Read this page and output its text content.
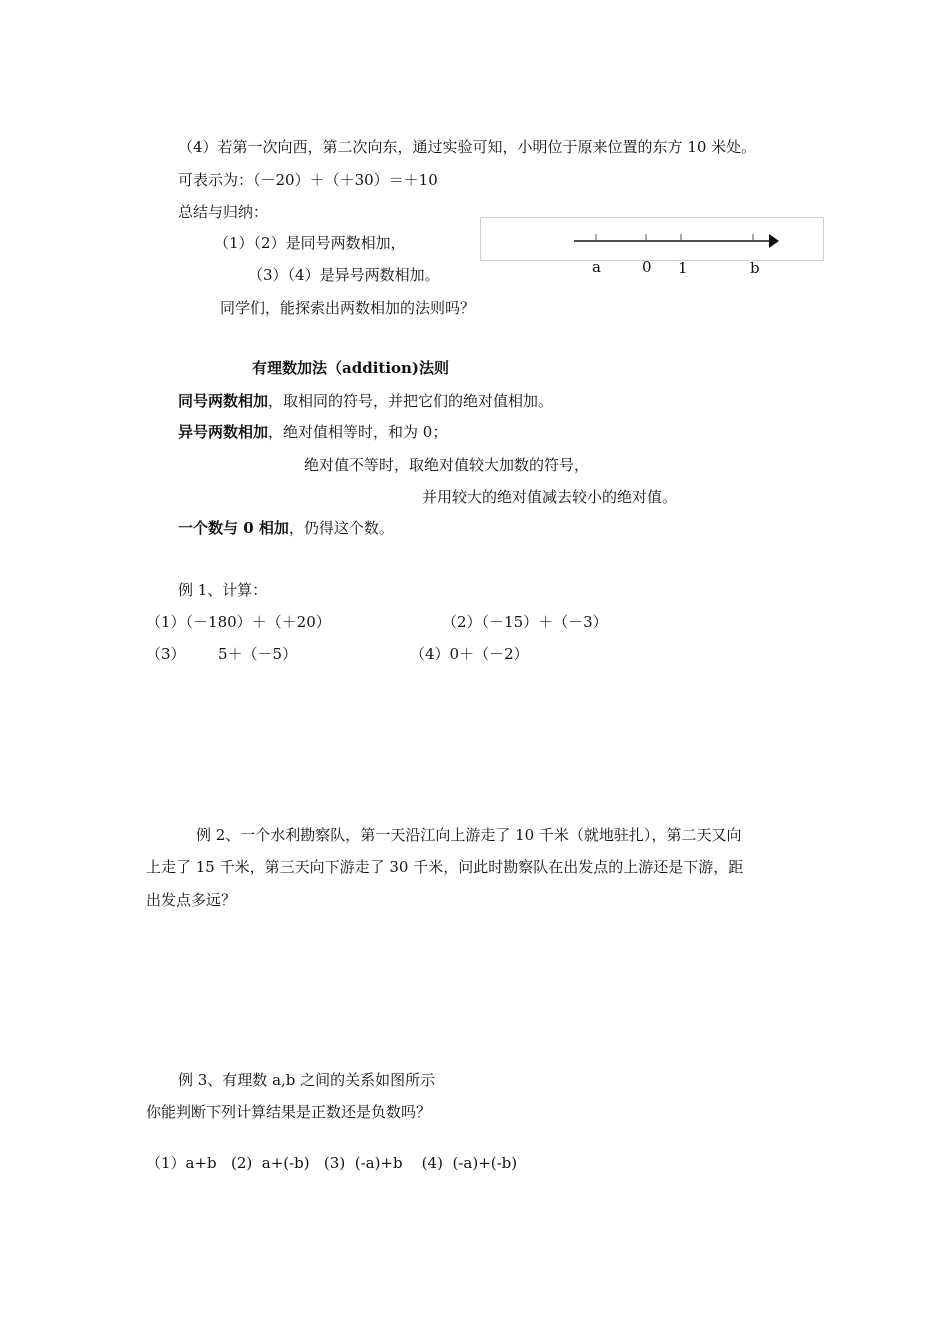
（4）若第一次向西，第二次向东，通过实验可知，小明位于原来位置的东方 10 米处。
可表示为：（－20）＋（＋30）＝＋10
总结与归纳：
（1）（2）是同号两数相加，
（3）（4）是异号两数相加。
同学们，能探索出两数相加的法则吗？
a	0 1	b
有理数加法（addition)法则
同号两数相加，取相同的符号，并把它们的绝对值相加。
异号两数相加，绝对值相等时，和为 0；
绝对值不等时，取绝对值较大加数的符号，
并用较大的绝对值减去较小的绝对值。
一个数与 0 相加，仍得这个数。
例 1、计算：
（1）（－180）＋（＋20）	（2）（－15）＋（－3）
（3） 5＋（－5）	（4）0＋（－2）
例 2、一个水利勘察队，第一天沿江向上游走了 10 千米（就地驻扎），第二天又向
上走了 15 千米，第三天向下游走了 30 千米，问此时勘察队在出发点的上游还是下游，距
出发点多远？
例 3、有理数 a,b 之间的关系如图所示
你能判断下列计算结果是正数还是负数吗？
（1）a+b   (2)  a+(-b)   (3)  (-a)+b    (4)  (-a)+(-b)
